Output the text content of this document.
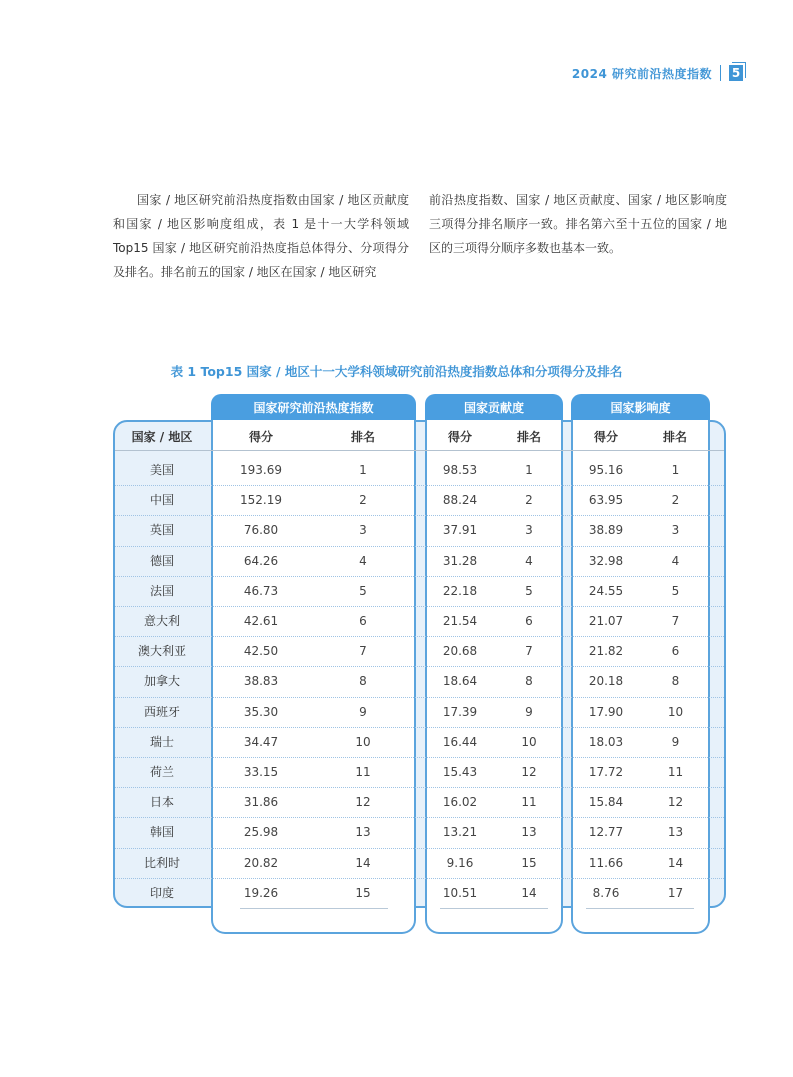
2024 研究前沿热度指数 5
国家 / 地区研究前沿热度指数由国家 / 地区贡献度和国家 / 地区影响度组成，表 1 是十一大学科领域 Top15 国家 / 地区研究前沿热度指总体得分、分项得分及排名。排名前五的国家 / 地区在国家 / 地区研究
前沿热度指数、国家 / 地区贡献度、国家 / 地区影响度三项得分排名顺序一致。排名第六至十五位的国家 / 地区的三项得分顺序多数也基本一致。
表 1 Top15 国家 / 地区十一大学科领域研究前沿热度指数总体和分项得分及排名
国家研究前沿热度指数	国家贡献度	国家影响度
国家 / 地区	得分	排名	得分	排名	得分	排名
美国	193.69	1	98.53	1	95.16	1
中国	152.19	2	88.24	2	63.95	2
英国	76.80	3	37.91	3	38.89	3
德国	64.26	4	31.28	4	32.98	4
法国	46.73	5	22.18	5	24.55	5
意大利	42.61	6	21.54	6	21.07	7
澳大利亚	42.50	7	20.68	7	21.82	6
加拿大	38.83	8	18.64	8	20.18	8
西班牙	35.30	9	17.39	9	17.90	10
瑞士	34.47	10	16.44	10	18.03	9
荷兰	33.15	11	15.43	12	17.72	11
日本	31.86	12	16.02	11	15.84	12
韩国	25.98	13	13.21	13	12.77	13
比利时	20.82	14	9.16	15	11.66	14
印度	19.26	15	10.51	14	8.76	17
